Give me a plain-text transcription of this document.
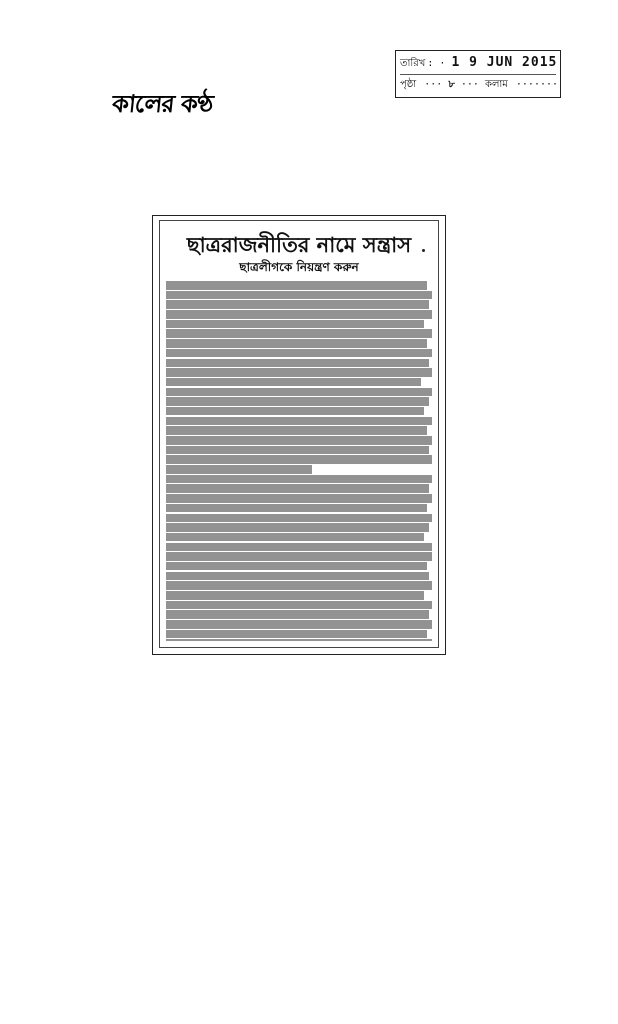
কালের কণ্ঠ
তারিখ : · 1 9 JUN 2015
পৃষ্ঠা ··· ৮ ··· কলাম ·······
ছাত্ররাজনীতির নামে সন্ত্রাস
ছাত্রলীগকে নিয়ন্ত্রণ করুন
